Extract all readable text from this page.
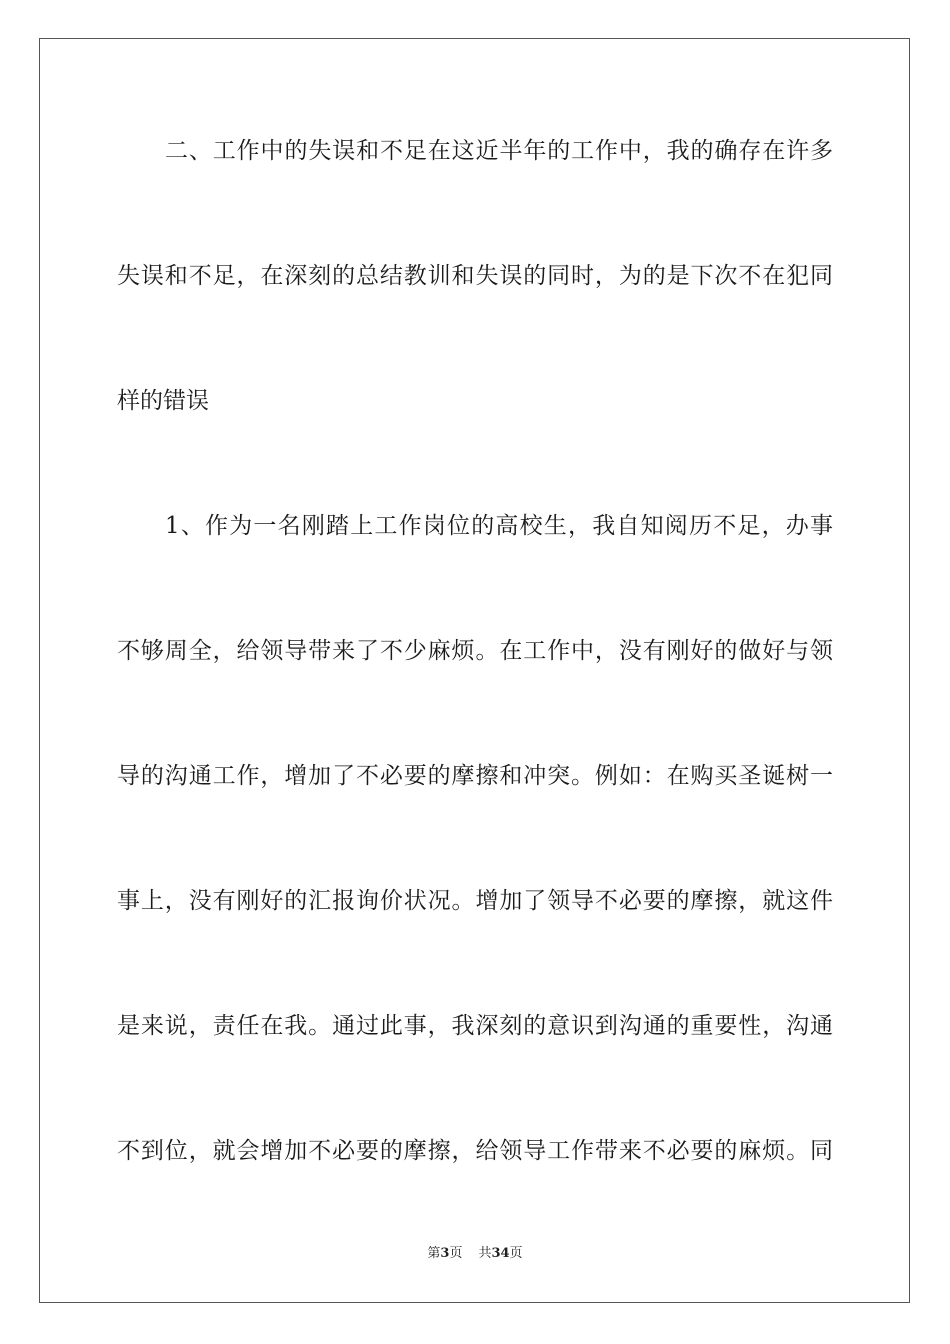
二、工作中的失误和不足在这近半年的工作中，我的确存在许多
失误和不足，在深刻的总结教训和失误的同时，为的是下次不在犯同
样的错误
1、作为一名刚踏上工作岗位的高校生，我自知阅历不足，办事
不够周全，给领导带来了不少麻烦。在工作中，没有刚好的做好与领
导的沟通工作，增加了不必要的摩擦和冲突。例如：在购买圣诞树一
事上，没有刚好的汇报询价状况。增加了领导不必要的摩擦，就这件
是来说，责任在我。通过此事，我深刻的意识到沟通的重要性，沟通
不到位，就会增加不必要的摩擦，给领导工作带来不必要的麻烦。同
第3页 共34页
